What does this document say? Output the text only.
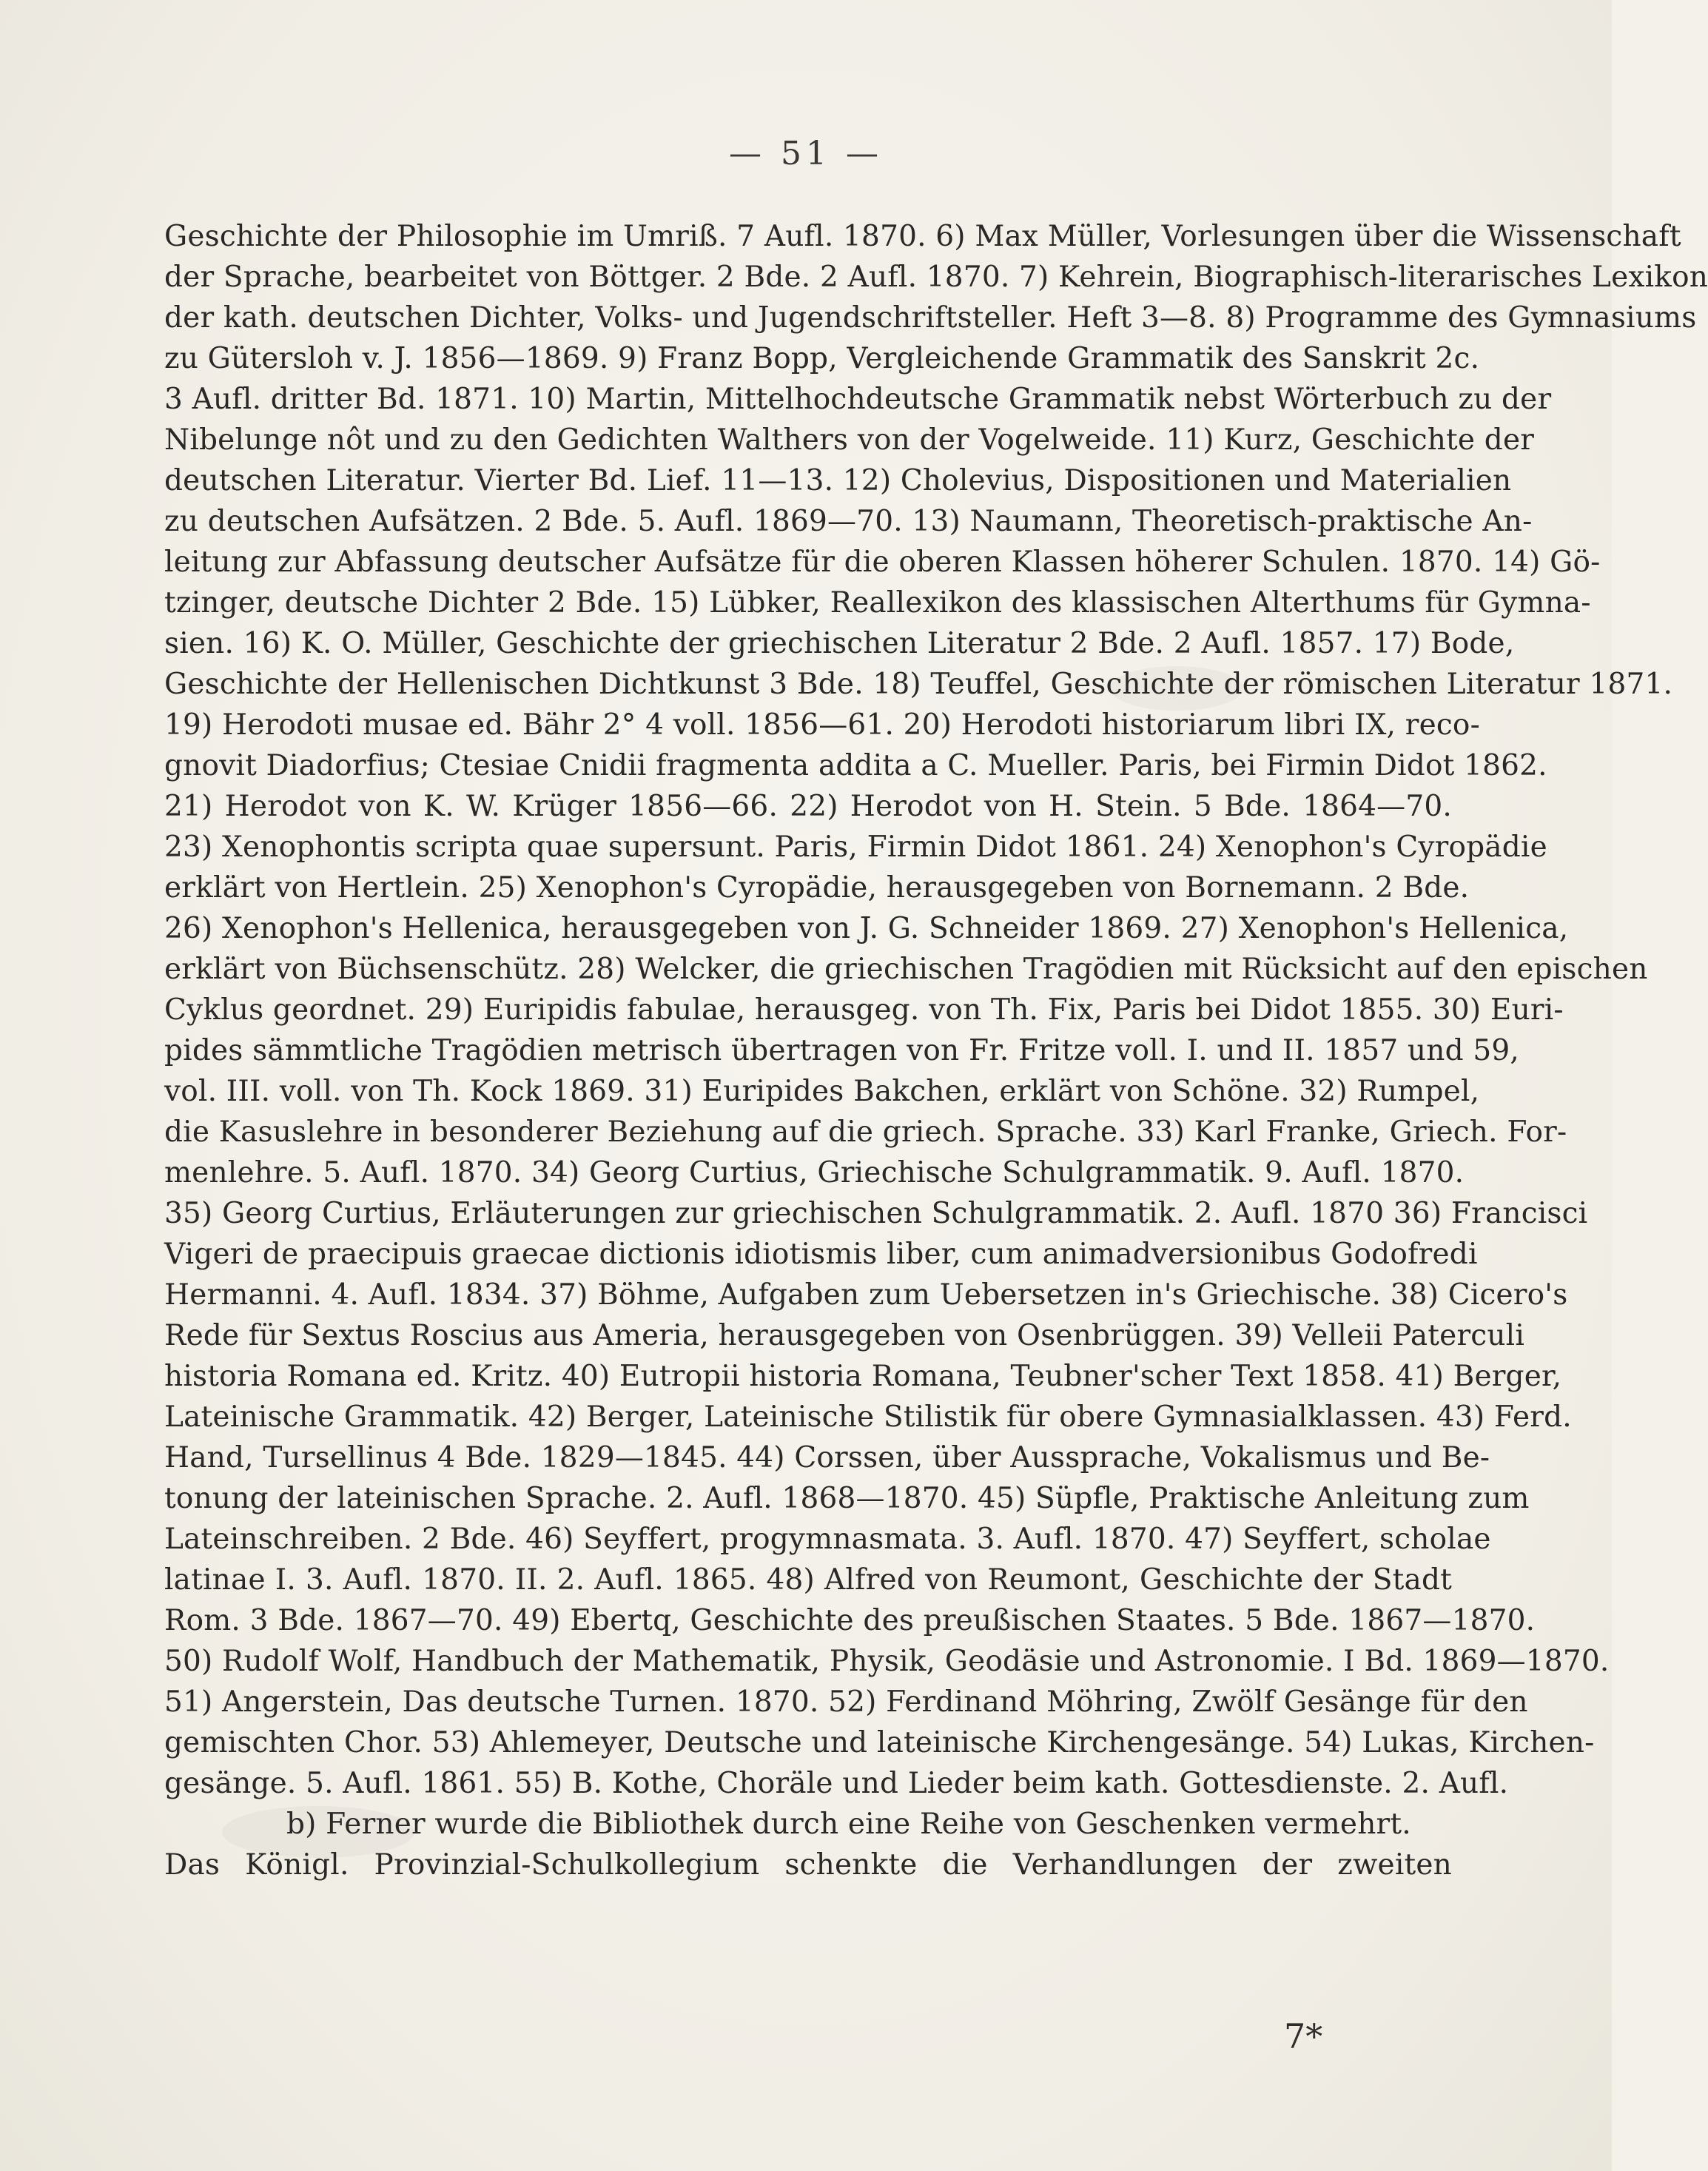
— 51 —
Geschichte der Philosophie im Umriß. 7 Aufl. 1870. 6) Max Müller, Vorlesungen über die Wissenschaft
der Sprache, bearbeitet von Böttger. 2 Bde. 2 Aufl. 1870. 7) Kehrein, Biographisch-literarisches Lexikon
der kath. deutschen Dichter, Volks- und Jugendschriftsteller. Heft 3—8. 8) Programme des Gymnasiums
zu Gütersloh v. J. 1856—1869. 9) Franz Bopp, Vergleichende Grammatik des Sanskrit 2c.
3 Aufl. dritter Bd. 1871. 10) Martin, Mittelhochdeutsche Grammatik nebst Wörterbuch zu der
Nibelunge nôt und zu den Gedichten Walthers von der Vogelweide. 11) Kurz, Geschichte der
deutschen Literatur. Vierter Bd. Lief. 11—13. 12) Cholevius, Dispositionen und Materialien
zu deutschen Aufsätzen. 2 Bde. 5. Aufl. 1869—70. 13) Naumann, Theoretisch-praktische An-
leitung zur Abfassung deutscher Aufsätze für die oberen Klassen höherer Schulen. 1870. 14) Gö-
tzinger, deutsche Dichter 2 Bde. 15) Lübker, Reallexikon des klassischen Alterthums für Gymna-
sien. 16) K. O. Müller, Geschichte der griechischen Literatur 2 Bde. 2 Aufl. 1857. 17) Bode,
Geschichte der Hellenischen Dichtkunst 3 Bde. 18) Teuffel, Geschichte der römischen Literatur 1871.
19) Herodoti musae ed. Bähr 2° 4 voll. 1856—61. 20) Herodoti historiarum libri IX, reco-
gnovit Diadorfius; Ctesiae Cnidii fragmenta addita a C. Mueller. Paris, bei Firmin Didot 1862.
21) Herodot von K. W. Krüger 1856—66. 22) Herodot von H. Stein. 5 Bde. 1864—70.
23) Xenophontis scripta quae supersunt. Paris, Firmin Didot 1861. 24) Xenophon's Cyropädie
erklärt von Hertlein. 25) Xenophon's Cyropädie, herausgegeben von Bornemann. 2 Bde.
26) Xenophon's Hellenica, herausgegeben von J. G. Schneider 1869. 27) Xenophon's Hellenica,
erklärt von Büchsenschütz. 28) Welcker, die griechischen Tragödien mit Rücksicht auf den epischen
Cyklus geordnet. 29) Euripidis fabulae, herausgeg. von Th. Fix, Paris bei Didot 1855. 30) Euri-
pides sämmtliche Tragödien metrisch übertragen von Fr. Fritze voll. I. und II. 1857 und 59,
vol. III. voll. von Th. Kock 1869. 31) Euripides Bakchen, erklärt von Schöne. 32) Rumpel,
die Kasuslehre in besonderer Beziehung auf die griech. Sprache. 33) Karl Franke, Griech. For-
menlehre. 5. Aufl. 1870. 34) Georg Curtius, Griechische Schulgrammatik. 9. Aufl. 1870.
35) Georg Curtius, Erläuterungen zur griechischen Schulgrammatik. 2. Aufl. 1870 36) Francisci
Vigeri de praecipuis graecae dictionis idiotismis liber, cum animadversionibus Godofredi
Hermanni. 4. Aufl. 1834. 37) Böhme, Aufgaben zum Uebersetzen in's Griechische. 38) Cicero's
Rede für Sextus Roscius aus Ameria, herausgegeben von Osenbrüggen. 39) Velleii Paterculi
historia Romana ed. Kritz. 40) Eutropii historia Romana, Teubner'scher Text 1858. 41) Berger,
Lateinische Grammatik. 42) Berger, Lateinische Stilistik für obere Gymnasialklassen. 43) Ferd.
Hand, Tursellinus 4 Bde. 1829—1845. 44) Corssen, über Aussprache, Vokalismus und Be-
tonung der lateinischen Sprache. 2. Aufl. 1868—1870. 45) Süpfle, Praktische Anleitung zum
Lateinschreiben. 2 Bde. 46) Seyffert, progymnasmata. 3. Aufl. 1870. 47) Seyffert, scholae
latinae I. 3. Aufl. 1870. II. 2. Aufl. 1865. 48) Alfred von Reumont, Geschichte der Stadt
Rom. 3 Bde. 1867—70. 49) Ebertq, Geschichte des preußischen Staates. 5 Bde. 1867—1870.
50) Rudolf Wolf, Handbuch der Mathematik, Physik, Geodäsie und Astronomie. I Bd. 1869—1870.
51) Angerstein, Das deutsche Turnen. 1870. 52) Ferdinand Möhring, Zwölf Gesänge für den
gemischten Chor. 53) Ahlemeyer, Deutsche und lateinische Kirchengesänge. 54) Lukas, Kirchen-
gesänge. 5. Aufl. 1861. 55) B. Kothe, Choräle und Lieder beim kath. Gottesdienste. 2. Aufl.
b) Ferner wurde die Bibliothek durch eine Reihe von Geschenken vermehrt.
Das Königl. Provinzial-Schulkollegium schenkte die Verhandlungen der zweiten
7*
